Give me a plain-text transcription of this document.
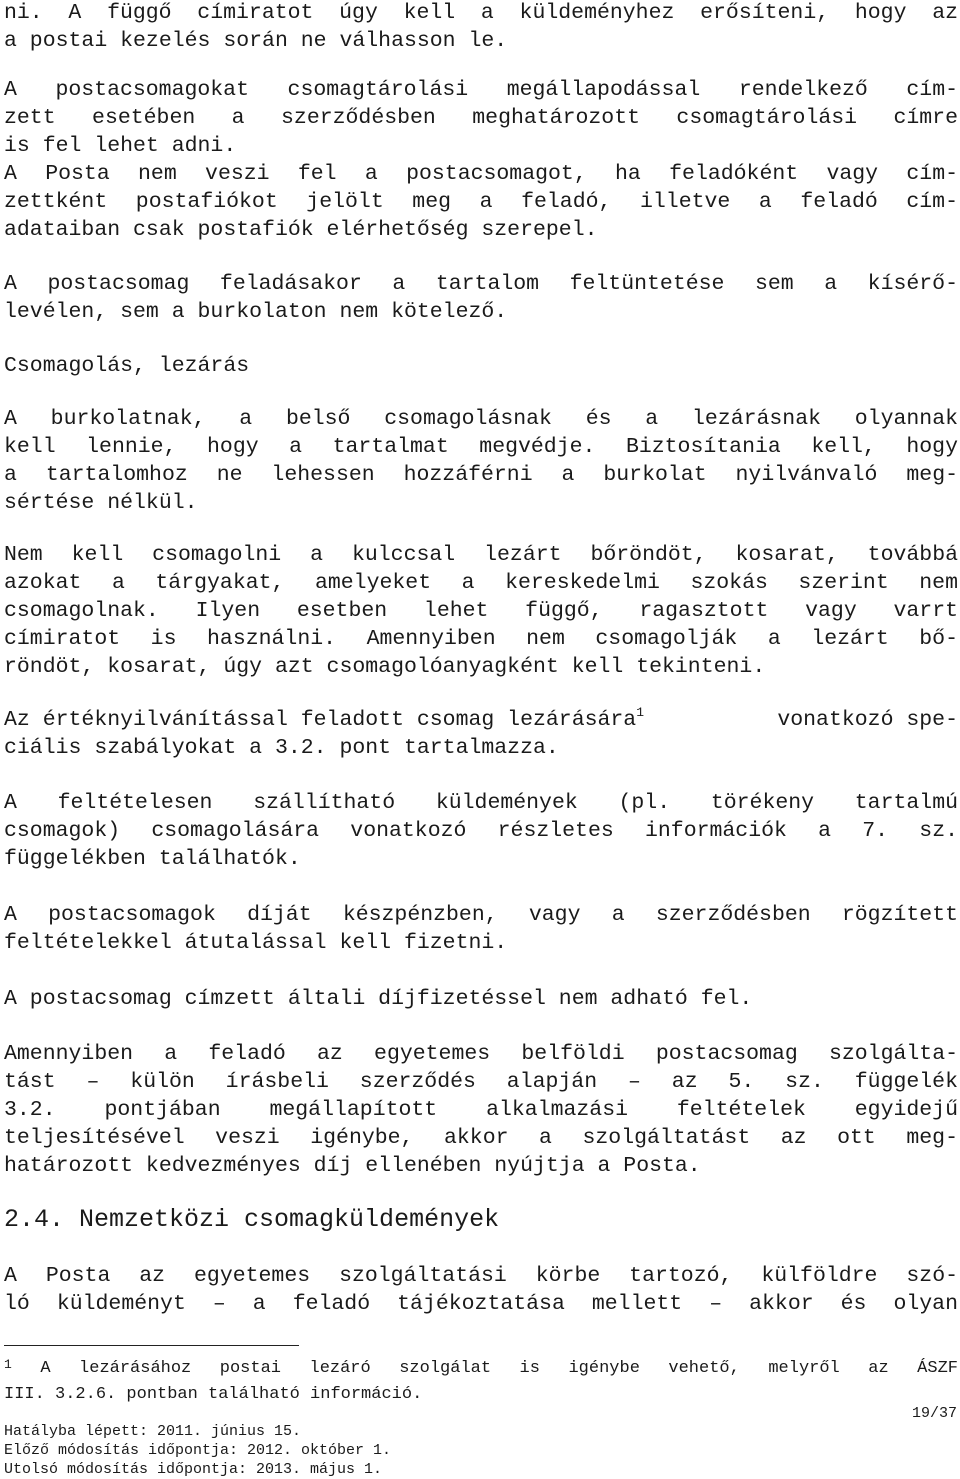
ni. A függő címiratot úgy kell a küldeményhez erősíteni, hogy az
a postai kezelés során ne válhasson le.
A postacsomagokat csomagtárolási megállapodással rendelkező cím-
zett esetében a szerződésben meghatározott csomagtárolási címre
is fel lehet adni.
A Posta nem veszi fel a postacsomagot, ha feladóként vagy cím-
zettként postafiókot jelölt meg a feladó, illetve a feladó cím-
adataiban csak postafiók elérhetőség szerepel.
A postacsomag feladásakor a tartalom feltüntetése sem a kísérő-
levélen, sem a burkolaton nem kötelező.
Csomagolás, lezárás
A burkolatnak, a belső csomagolásnak és a lezárásnak olyannak
kell lennie, hogy a tartalmat megvédje. Biztosítania kell, hogy
a tartalomhoz ne lehessen hozzáférni a burkolat nyilvánvaló meg-
sértése nélkül.
Nem kell csomagolni a kulccsal lezárt bőröndöt, kosarat, továbbá
azokat a tárgyakat, amelyeket a kereskedelmi szokás szerint nem
csomagolnak. Ilyen esetben lehet függő, ragasztott vagy varrt
címiratot is használni. Amennyiben nem csomagolják a lezárt bő-
röndöt, kosarat, úgy azt csomagolóanyagként kell tekinteni.
Az értéknyilvánítással feladott csomag lezárására$^1$	vonatkozó spe-
ciális szabályokat a 3.2. pont tartalmazza.
A feltételesen szállítható küldemények (pl. törékeny tartalmú
csomagok) csomagolására vonatkozó részletes információk a 7. sz.
függelékben találhatók.
A postacsomagok díját készpénzben, vagy a szerződésben rögzített
feltételekkel átutalással kell fizetni.
A postacsomag címzett általi díjfizetéssel nem adható fel.
Amennyiben a feladó az egyetemes belföldi postacsomag szolgálta-
tást – külön írásbeli szerződés alapján – az 5. sz. függelék
3.2. pontjában megállapított alkalmazási feltételek egyidejű
teljesítésével veszi igénybe, akkor a szolgáltatást az ott meg-
határozott kedvezményes díj ellenében nyújtja a Posta.
2.4. Nemzetközi csomagküldemények
A Posta az egyetemes szolgáltatási körbe tartozó, külföldre szó-
ló küldeményt – a feladó tájékoztatása mellett – akkor és olyan
1 A lezárásához postai lezáró szolgálat is igénybe vehető, melyről az ÁSZF
III. 3.2.6. pontban található információ.
19/37
Hatályba lépett: 2011. június 15.
Előző módosítás időpontja: 2012. október 1.
Utolsó módosítás időpontja: 2013. május 1.
